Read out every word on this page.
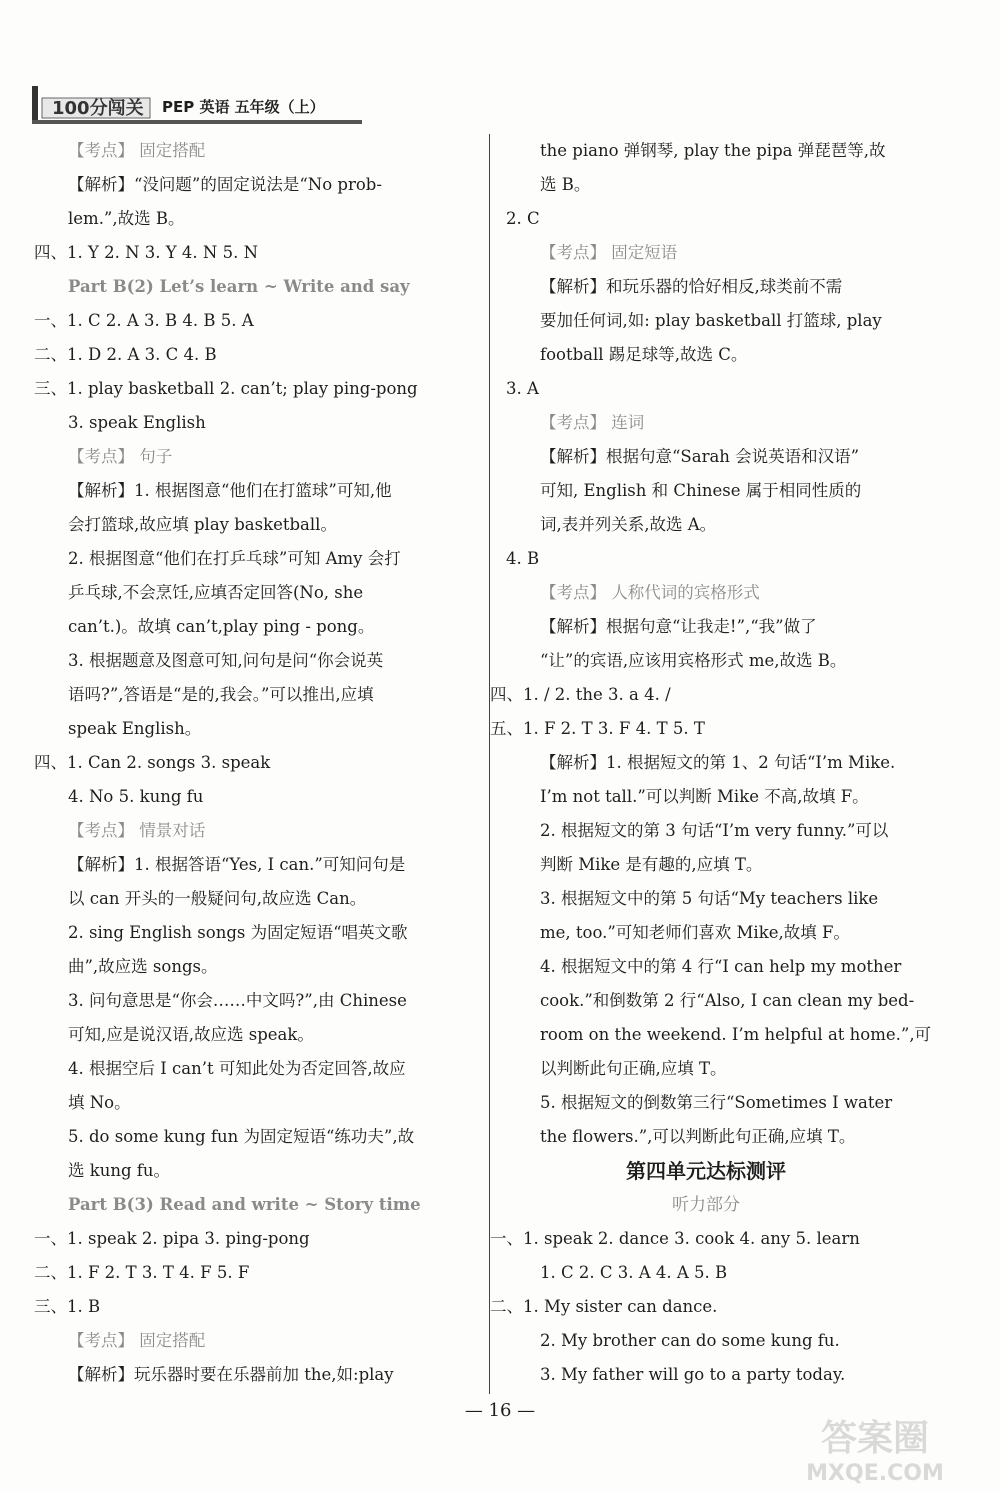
100分闯关 PEP 英语 五年级（上）
【考点】 固定搭配
【解析】“没问题”的固定说法是“No prob-
lem.”,故选 B。
四、1. Y 2. N 3. Y 4. N 5. N
Part B(2) Let’s learn ~ Write and say
一、1. C 2. A 3. B 4. B 5. A
二、1. D 2. A 3. C 4. B
三、1. play basketball 2. can’t; play ping-pong
3. speak English
【考点】 句子
【解析】1. 根据图意“他们在打篮球”可知,他
会打篮球,故应填 play basketball。
2. 根据图意“他们在打乒乓球”可知 Amy 会打
乒乓球,不会烹饪,应填否定回答(No, she
can’t.)。故填 can’t,play ping - pong。
3. 根据题意及图意可知,问句是问“你会说英
语吗?”,答语是“是的,我会。”可以推出,应填
speak English。
四、1. Can 2. songs 3. speak
4. No 5. kung fu
【考点】 情景对话
【解析】1. 根据答语“Yes, I can.”可知问句是
以 can 开头的一般疑问句,故应选 Can。
2. sing English songs 为固定短语“唱英文歌
曲”,故应选 songs。
3. 问句意思是“你会……中文吗?”,由 Chinese
可知,应是说汉语,故应选 speak。
4. 根据空后 I can’t 可知此处为否定回答,故应
填 No。
5. do some kung fun 为固定短语“练功夫”,故
选 kung fu。
Part B(3) Read and write ~ Story time
一、1. speak 2. pipa 3. ping-pong
二、1. F 2. T 3. T 4. F 5. F
三、1. B
【考点】 固定搭配
【解析】玩乐器时要在乐器前加 the,如:play
the piano 弹钢琴, play the pipa 弹琵琶等,故
选 B。
2. C
【考点】 固定短语
【解析】和玩乐器的恰好相反,球类前不需
要加任何词,如: play basketball 打篮球, play
football 踢足球等,故选 C。
3. A
【考点】 连词
【解析】根据句意“Sarah 会说英语和汉语”
可知, English 和 Chinese 属于相同性质的
词,表并列关系,故选 A。
4. B
【考点】 人称代词的宾格形式
【解析】根据句意“让我走!”,“我”做了
“让”的宾语,应该用宾格形式 me,故选 B。
四、1. / 2. the 3. a 4. /
五、1. F 2. T 3. F 4. T 5. T
【解析】1. 根据短文的第 1、2 句话“I’m Mike.
I’m not tall.”可以判断 Mike 不高,故填 F。
2. 根据短文的第 3 句话“I’m very funny.”可以
判断 Mike 是有趣的,应填 T。
3. 根据短文中的第 5 句话“My teachers like
me, too.”可知老师们喜欢 Mike,故填 F。
4. 根据短文中的第 4 行“I can help my mother
cook.”和倒数第 2 行“Also, I can clean my bed-
room on the weekend. I’m helpful at home.”,可
以判断此句正确,应填 T。
5. 根据短文的倒数第三行“Sometimes I water
the flowers.”,可以判断此句正确,应填 T。
第四单元达标测评
听力部分
一、1. speak 2. dance 3. cook 4. any 5. learn
1. C 2. C 3. A 4. A 5. B
二、1. My sister can dance.
2. My brother can do some kung fu.
3. My father will go to a party today.
— 16 —
答案圈
MXQE.COM
